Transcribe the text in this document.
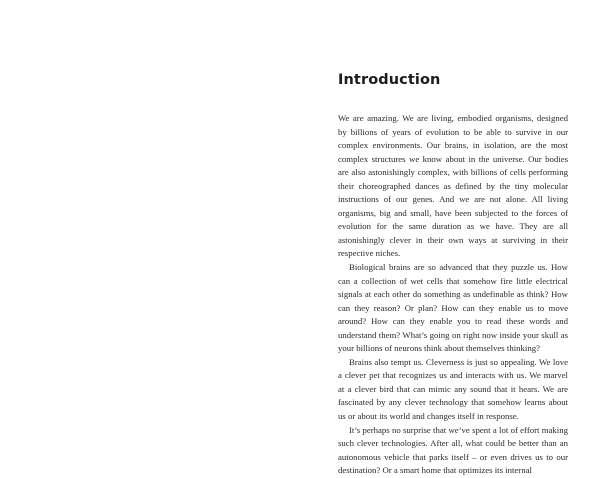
Introduction

We are amazing. We are living, embodied organisms, designed by billions of years of evolution to be able to survive in our complex environments. Our brains, in isolation, are the most complex structures we know about in the universe. Our bodies are also astonishingly complex, with billions of cells performing their choreographed dances as defined by the tiny molecular instructions of our genes. And we are not alone. All living organisms, big and small, have been subjected to the forces of evolution for the same duration as we have. They are all astonishingly clever in their own ways at surviving in their respective niches.

Biological brains are so advanced that they puzzle us. How can a collection of wet cells that somehow fire little electrical signals at each other do something as undefinable as think? How can they reason? Or plan? How can they enable us to move around? How can they enable you to read these words and understand them? What’s going on right now inside your skull as your billions of neurons think about themselves thinking?

Brains also tempt us. Cleverness is just so appealing. We love a clever pet that recognizes us and interacts with us. We marvel at a clever bird that can mimic any sound that it hears. We are fascinated by any clever technology that somehow learns about us or about its world and changes itself in response.

It’s perhaps no surprise that we’ve spent a lot of effort making such clever technologies. After all, what could be better than an autonomous vehicle that parks itself – or even drives us to our destination? Or a smart home that optimizes its internal
